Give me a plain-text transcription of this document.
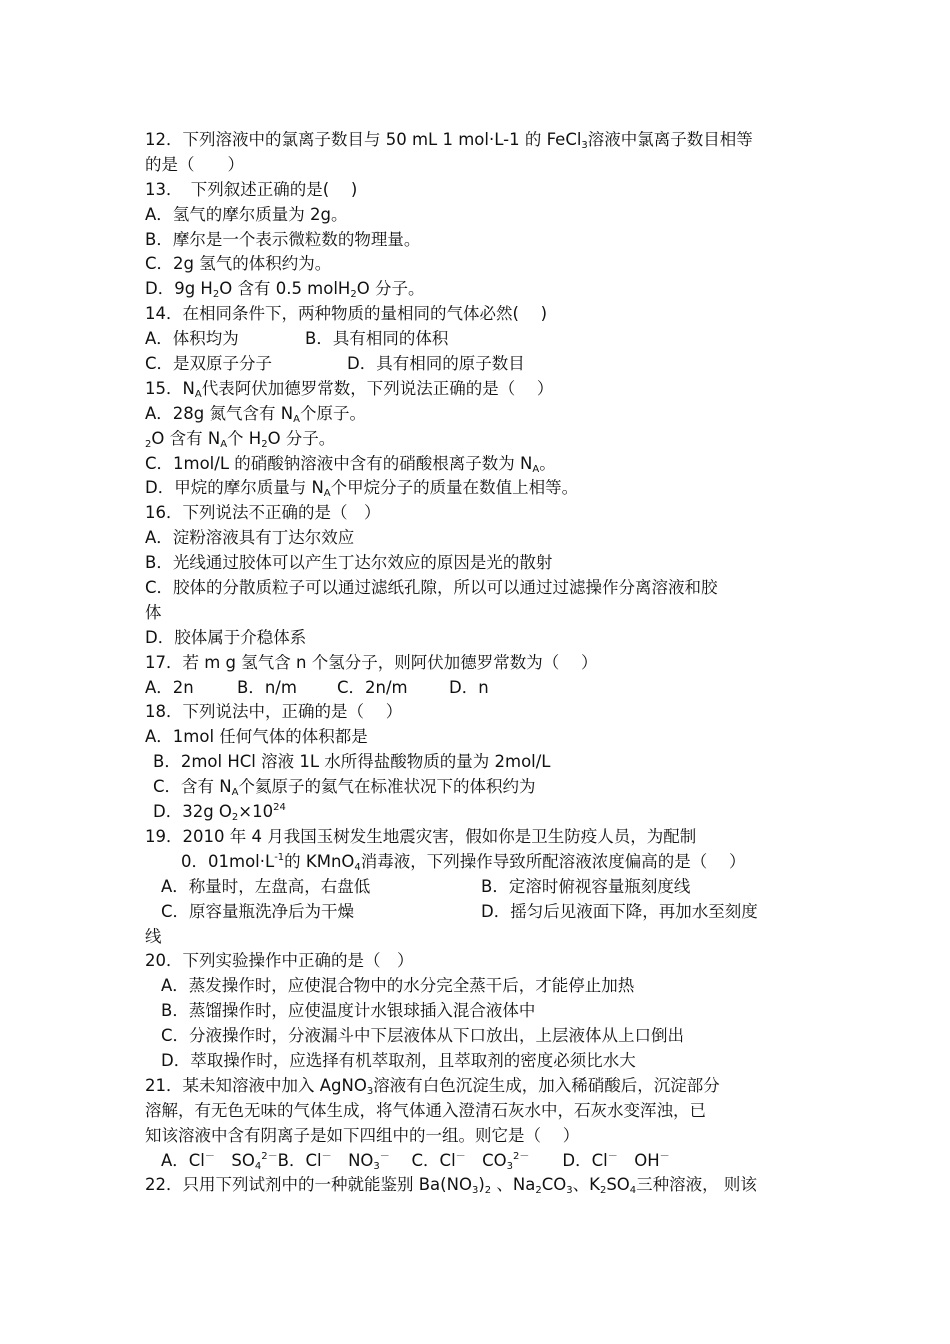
12．下列溶液中的氯离子数目与 50 mL 1 mol·L-1 的 FeCl$_3$溶液中氯离子数目相等
的是（　　）
13．　下列叙述正确的是(　 )
A．氢气的摩尔质量为 2g。
B．摩尔是一个表示微粒数的物理量。
C．2g 氢气的体积约为。
D．9g $H_2O$ 含有 0.5 molH$_2$O 分子。
14．在相同条件下，两种物质的量相同的气体必然(　 )
A．体积均为	B．具有相同的体积
C．是双原子分子	D．具有相同的原子数目
15．$N_A$代表阿伏加德罗常数，下列说法正确的是（　 ）
A．28g 氮气含有 $N_A$个原子。
$_2$O 含有 $N_A$个 $H_2O$ 分子。
C．1mol/L 的硝酸钠溶液中含有的硝酸根离子数为 $N_A$。
D．甲烷的摩尔质量与 $N_A$个甲烷分子的质量在数值上相等。
16．下列说法不正确的是（　）
A．淀粉溶液具有丁达尔效应
B．光线通过胶体可以产生丁达尔效应的原因是光的散射
C．胶体的分散质粒子可以通过滤纸孔隙，所以可以通过过滤操作分离溶液和胶
体
D．胶体属于介稳体系
17．若 m g 氢气含 n 个氢分子，则阿伏加德罗常数为（　 ）
A．2n	B．n/m C．2n/m	D．n
18．下列说法中，正确的是（　 ）
A．1mol 任何气体的体积都是
B．2mol HCl 溶液 1L 水所得盐酸物质的量为 2mol/L
C．含有 $N_A$个氦原子的氦气在标准状况下的体积约为
D．32g $O_2\times 10^{24}$
19．2010 年 4 月我国玉树发生地震灾害，假如你是卫生防疫人员，为配制
0．$01mol\cdot L^{-1}$的 KMnO$_4$消毒液，下列操作导致所配溶液浓度偏高的是（　 ）
A．称量时，左盘高，右盘低	B．定溶时俯视容量瓶刻度线
C．原容量瓶洗净后为干燥	D．摇匀后见液面下降，再加水至刻度
线
20．下列实验操作中正确的是（　）
A．蒸发操作时，应使混合物中的水分完全蒸干后，才能停止加热
B．蒸馏操作时，应使温度计水银球插入混合液体中
C．分液操作时，分液漏斗中下层液体从下口放出，上层液体从上口倒出
D．萃取操作时，应选择有机萃取剂，且萃取剂的密度必须比水大
21．某未知溶液中加入 AgNO$_3$溶液有白色沉淀生成，加入稀硝酸后，沉淀部分
溶解，有无色无味的气体生成，将气体通入澄清石灰水中，石灰水变浑浊，已
知该溶液中含有阴离子是如下四组中的一组。则它是（　 ）
A．Cl－　$SO_4^{2-}B$．Cl－　$NO_3^-$　 C．Cl－　$CO_3^{2-}$　　D．Cl－　OH－
22．只用下列试剂中的一种就能鉴别 $Ba(NO_3)_2$ 、$Na_2CO_3$、$K_2SO_4$三种溶液， 则该
